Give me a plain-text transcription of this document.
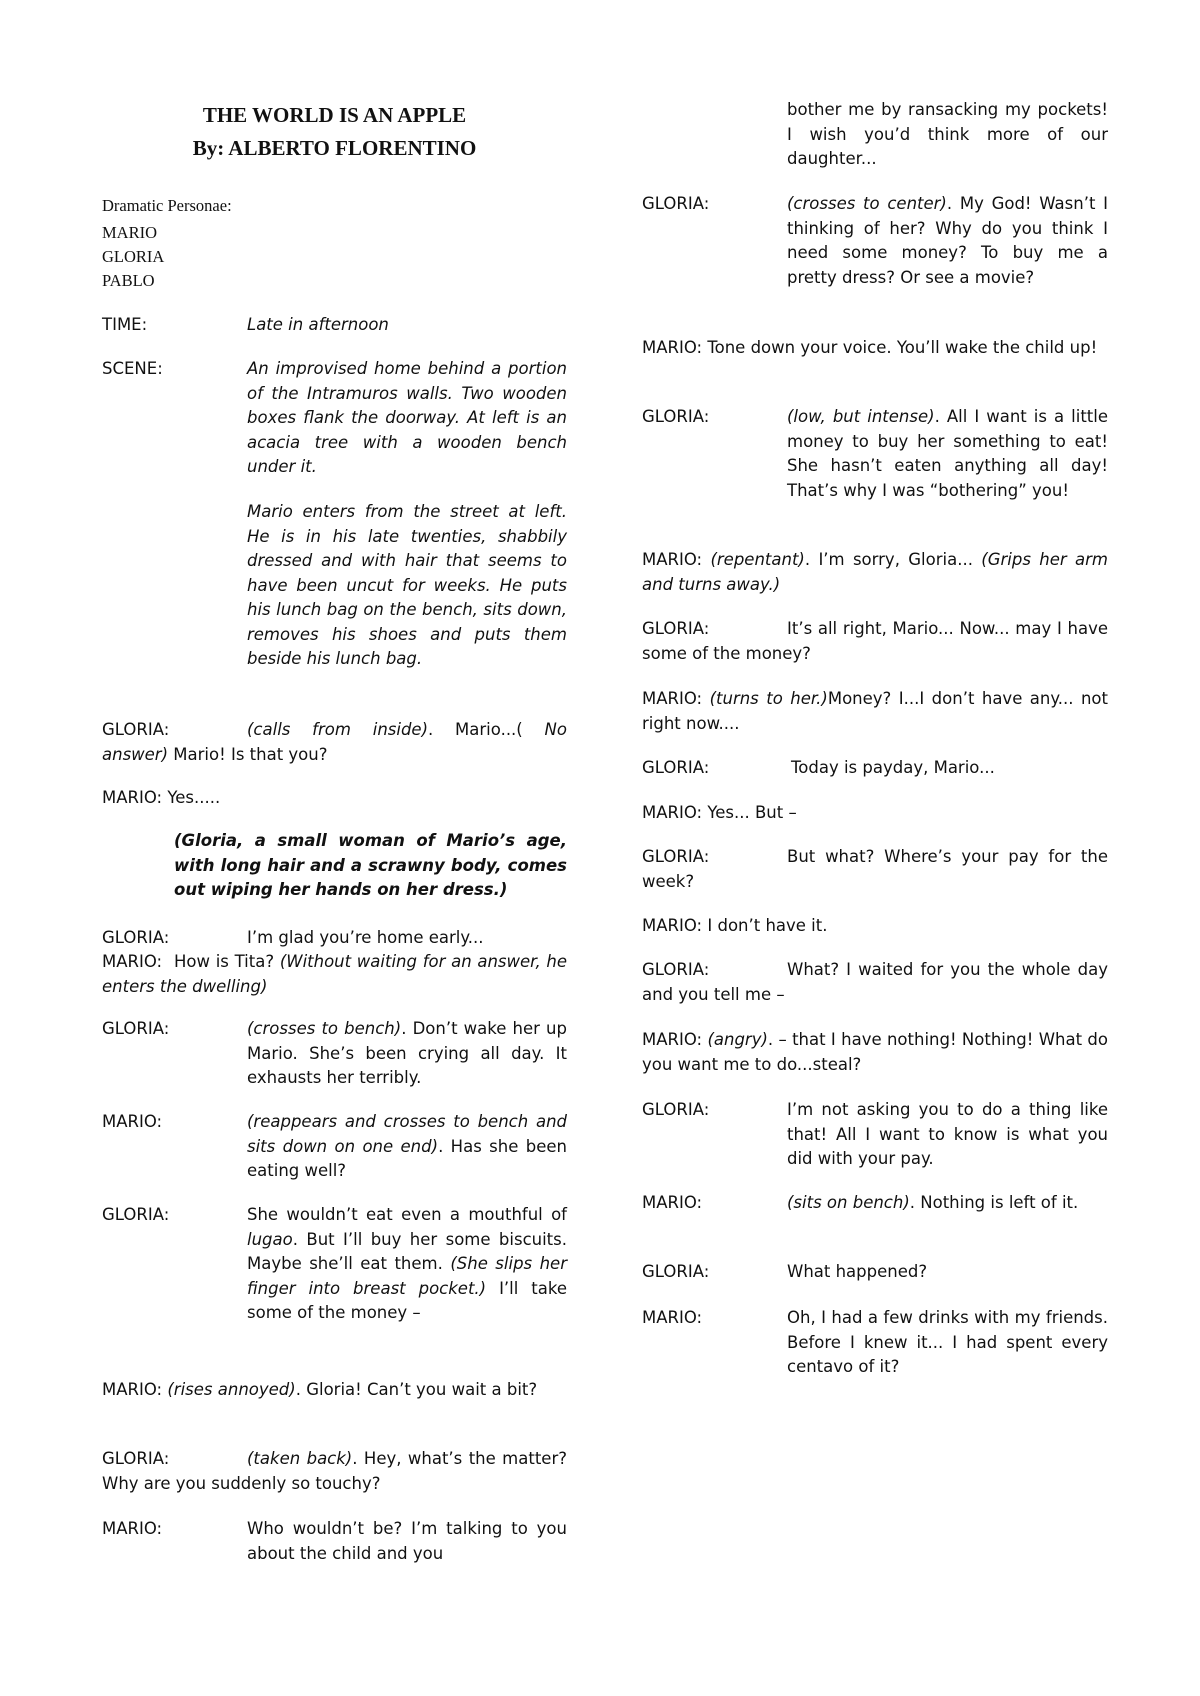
THE WORLD IS AN APPLE
By: ALBERTO FLORENTINO
Dramatic Personae:
MARIO
GLORIA
PABLO
TIME:	Late in afternoon
SCENE:	An improvised home behind a portion of the Intramuros walls. Two wooden boxes flank the doorway. At left is an acacia tree with a wooden bench under it.
Mario enters from the street at left. He is in his late twenties, shabbily dressed and with hair that seems to have been uncut for weeks. He puts his lunch bag on the bench, sits down, removes his shoes and puts them beside his lunch bag.
GLORIA:	(calls from inside). Mario...( No answer) Mario! Is that you?
MARIO: Yes.....
(Gloria, a small woman of Mario’s age, with long hair and a scrawny body, comes out wiping her hands on her dress.)
GLORIA:	I’m glad you’re home early...
MARIO: How is Tita? (Without waiting for an answer, he enters the dwelling)
GLORIA:	(crosses to bench). Don’t wake her up Mario. She’s been crying all day. It exhausts her terribly.
MARIO:	(reappears and crosses to bench and sits down on one end). Has she been eating well?
GLORIA:	She wouldn’t eat even a mouthful of lugao. But I’ll buy her some biscuits. Maybe she’ll eat them. (She slips her finger into breast pocket.) I’ll take some of the money –
MARIO: (rises annoyed). Gloria! Can’t you wait a bit?
GLORIA:	(taken back). Hey, what’s the matter? Why are you suddenly so touchy?
MARIO:	Who wouldn’t be? I’m talking to you about the child and you
bother me by ransacking my pockets! I wish you’d think more of our daughter...
GLORIA:	(crosses to center). My God! Wasn’t I thinking of her? Why do you think I need some money? To buy me a pretty dress? Or see a movie?
MARIO: Tone down your voice. You’ll wake the child up!
GLORIA:	(low, but intense). All I want is a little money to buy her something to eat! She hasn’t eaten anything all day! That’s why I was “bothering” you!
MARIO: (repentant). I’m sorry, Gloria... (Grips her arm and turns away.)
GLORIA:	It’s all right, Mario... Now... may I have some of the money?
MARIO: (turns to her.)Money? I...I don’t have any... not right now....
GLORIA:	Today is payday, Mario...
MARIO: Yes... But –
GLORIA:	But what? Where’s your pay for the week?
MARIO: I don’t have it.
GLORIA:	What? I waited for you the whole day and you tell me –
MARIO: (angry). – that I have nothing! Nothing! What do you want me to do...steal?
GLORIA:	I’m not asking you to do a thing like that! All I want to know is what you did with your pay.
MARIO:	(sits on bench). Nothing is left of it.
GLORIA:	What happened?
MARIO:	Oh, I had a few drinks with my friends. Before I knew it... I had spent every centavo of it?
